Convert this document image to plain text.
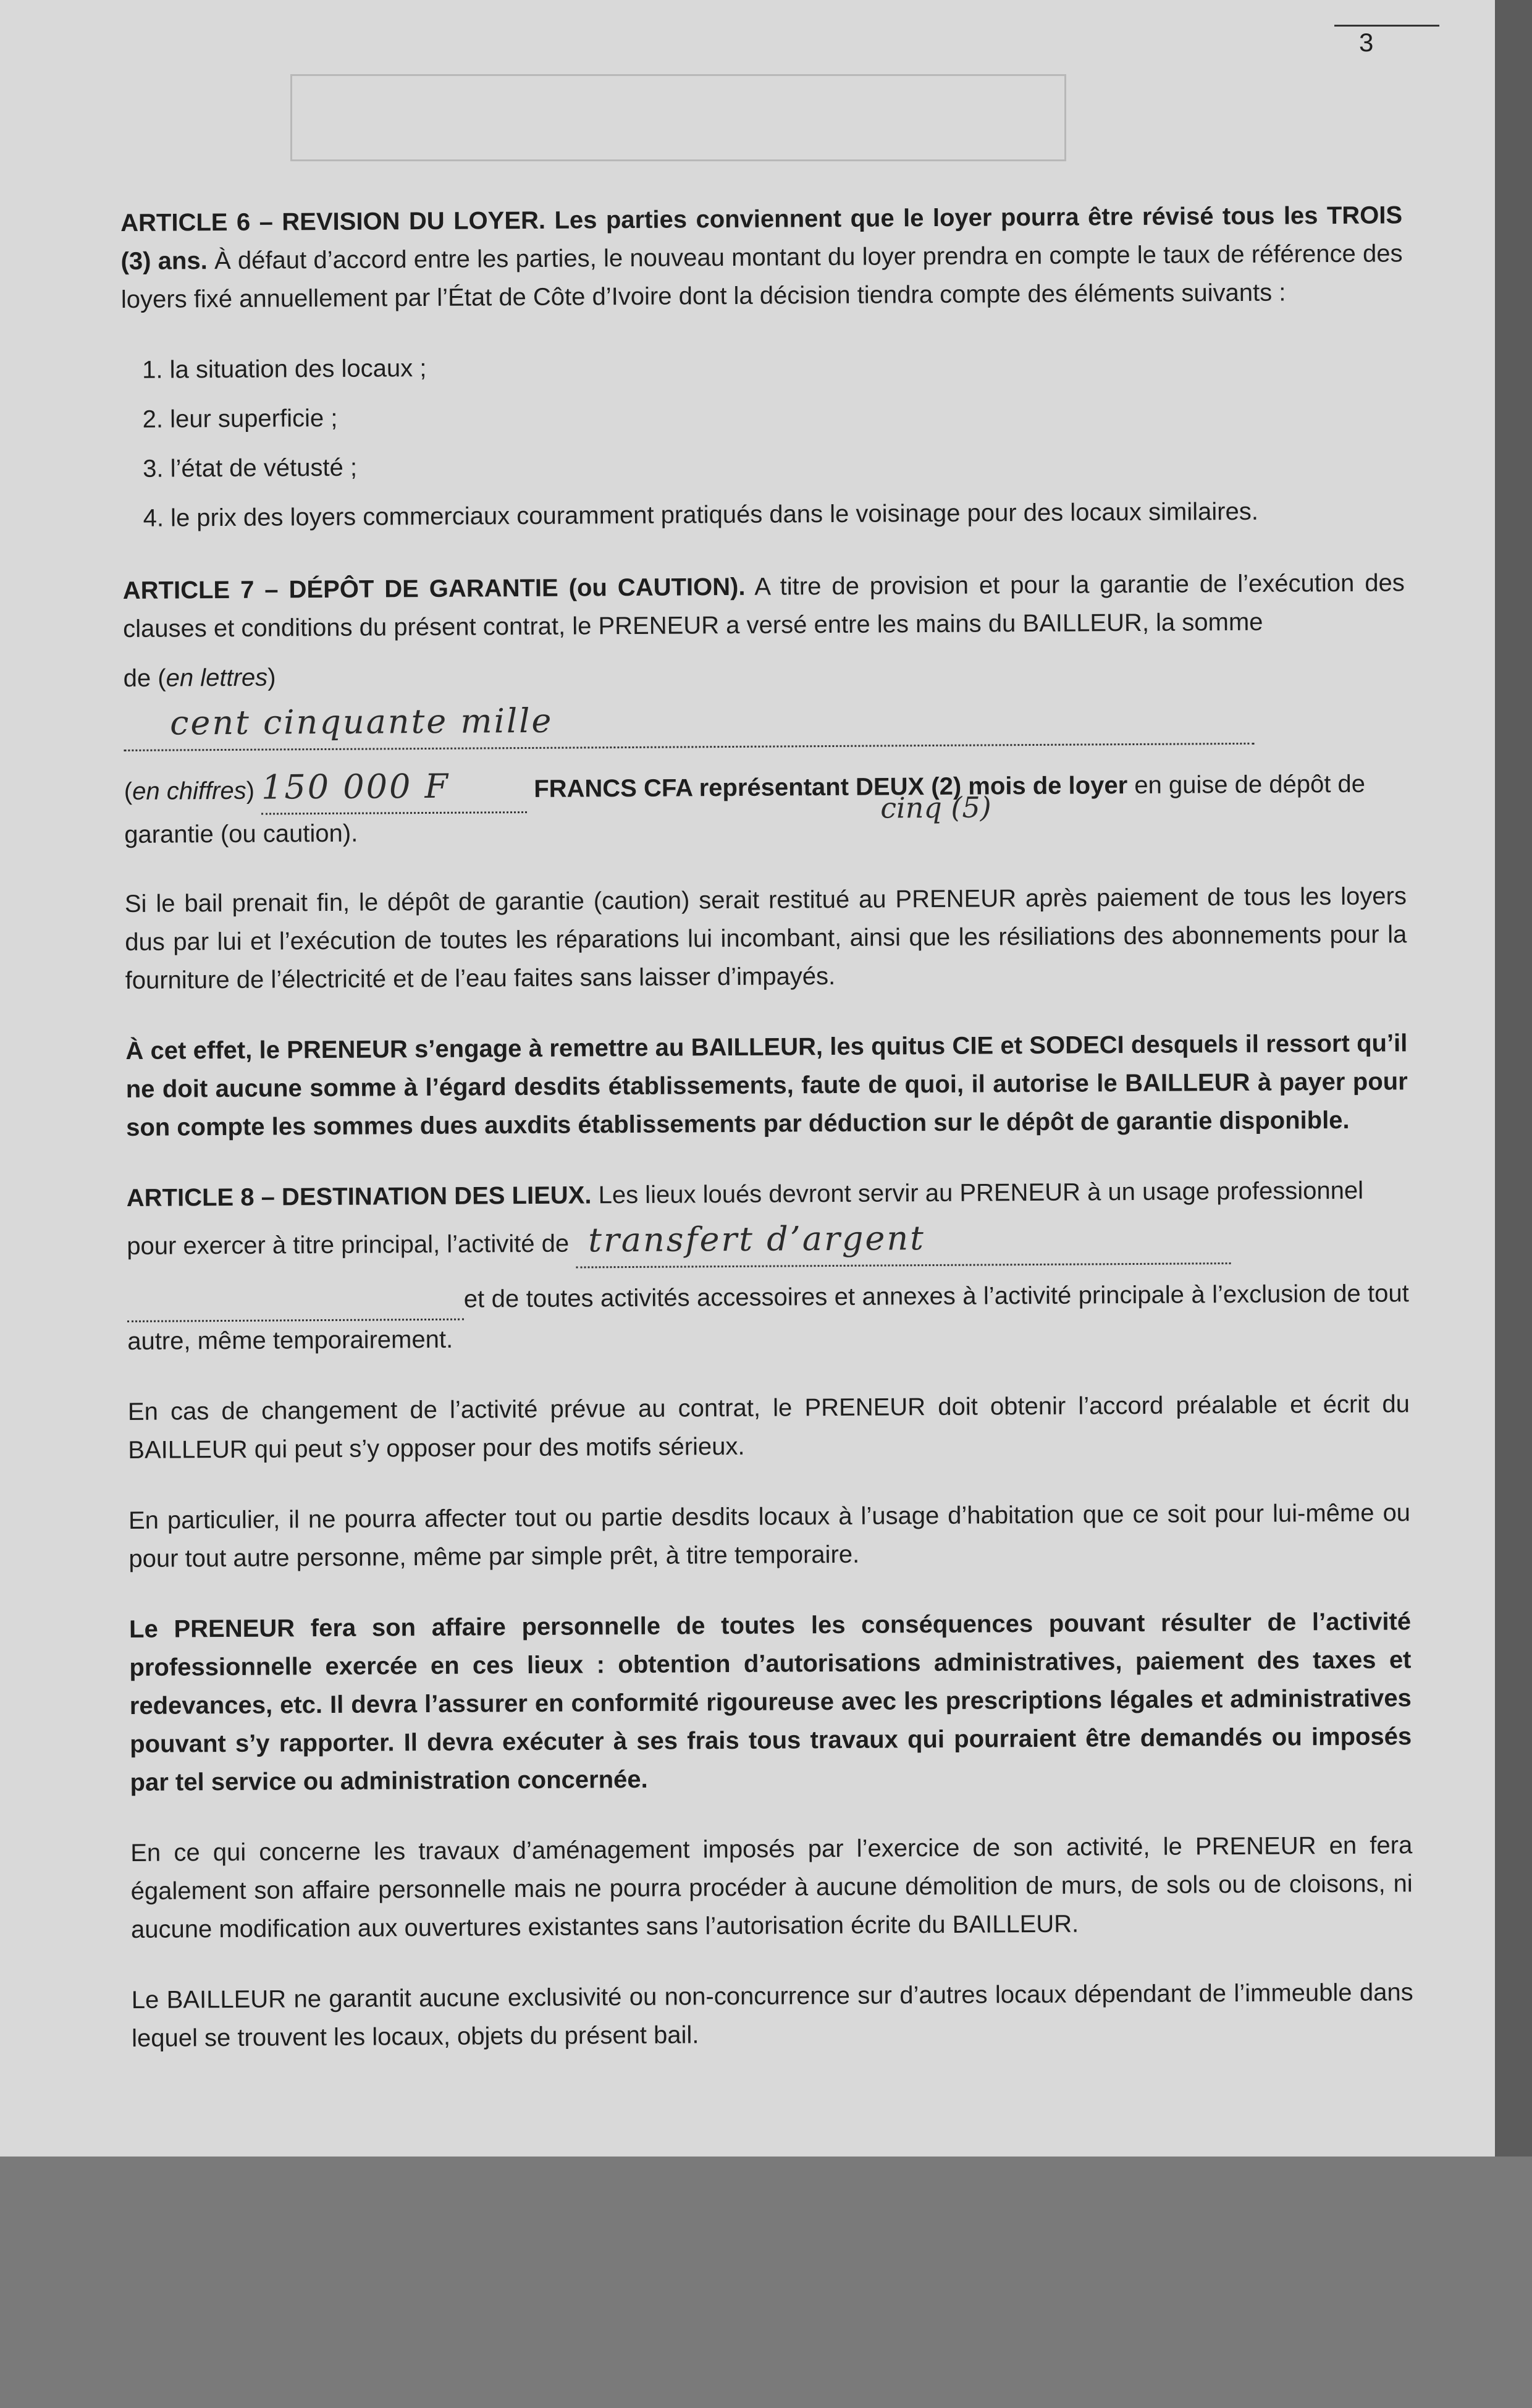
3

ARTICLE 6 – REVISION DU LOYER. Les parties conviennent que le loyer pourra être révisé tous les TROIS (3) ans. À défaut d’accord entre les parties, le nouveau montant du loyer prendra en compte le taux de référence des loyers fixé annuellement par l’État de Côte d’Ivoire dont la décision tiendra compte des éléments suivants :

1. la situation des locaux ;
2. leur superficie ;
3. l’état de vétusté ;
4. le prix des loyers commerciaux couramment pratiqués dans le voisinage pour des locaux similaires.

ARTICLE 7 – DÉPÔT DE GARANTIE (ou CAUTION). A titre de provision et pour la garantie de l’exécution des clauses et conditions du présent contrat, le PRENEUR a versé entre les mains du BAILLEUR, la somme

de (en lettres) cent cinquante mille

(en chiffres) 150 000 F	FRANCS CFA représentant DEUX (2) mois de loyer
cinq (5)
en guise de dépôt de garantie (ou caution).

Si le bail prenait fin, le dépôt de garantie (caution) serait restitué au PRENEUR après paiement de tous les loyers dus par lui et l’exécution de toutes les réparations lui incombant, ainsi que les résiliations des abonnements pour la fourniture de l’électricité et de l’eau faites sans laisser d’impayés.

À cet effet, le PRENEUR s’engage à remettre au BAILLEUR, les quitus CIE et SODECI desquels il ressort qu’il ne doit aucune somme à l’égard desdits établissements, faute de quoi, il autorise le BAILLEUR à payer pour son compte les sommes dues auxdits établissements par déduction sur le dépôt de garantie disponible.

ARTICLE 8 – DESTINATION DES LIEUX. Les lieux loués devront servir au PRENEUR à un usage professionnel pour exercer à titre principal, l’activité de transfert d’argent

et de toutes activités accessoires et annexes à l’activité principale à l’exclusion de tout autre, même temporairement.

En cas de changement de l’activité prévue au contrat, le PRENEUR doit obtenir l’accord préalable et écrit du BAILLEUR qui peut s’y opposer pour des motifs sérieux.

En particulier, il ne pourra affecter tout ou partie desdits locaux à l’usage d’habitation que ce soit pour lui-même ou pour tout autre personne, même par simple prêt, à titre temporaire.

Le PRENEUR fera son affaire personnelle de toutes les conséquences pouvant résulter de l’activité professionnelle exercée en ces lieux : obtention d’autorisations administratives, paiement des taxes et redevances, etc. Il devra l’assurer en conformité rigoureuse avec les prescriptions légales et administratives pouvant s’y rapporter. Il devra exécuter à ses frais tous travaux qui pourraient être demandés ou imposés par tel service ou administration concernée.

En ce qui concerne les travaux d’aménagement imposés par l’exercice de son activité, le PRENEUR en fera également son affaire personnelle mais ne pourra procéder à aucune démolition de murs, de sols ou de cloisons, ni aucune modification aux ouvertures existantes sans l’autorisation écrite du BAILLEUR.

Le BAILLEUR ne garantit aucune exclusivité ou non-concurrence sur d’autres locaux dépendant de l’immeuble dans lequel se trouvent les locaux, objets du présent bail.
